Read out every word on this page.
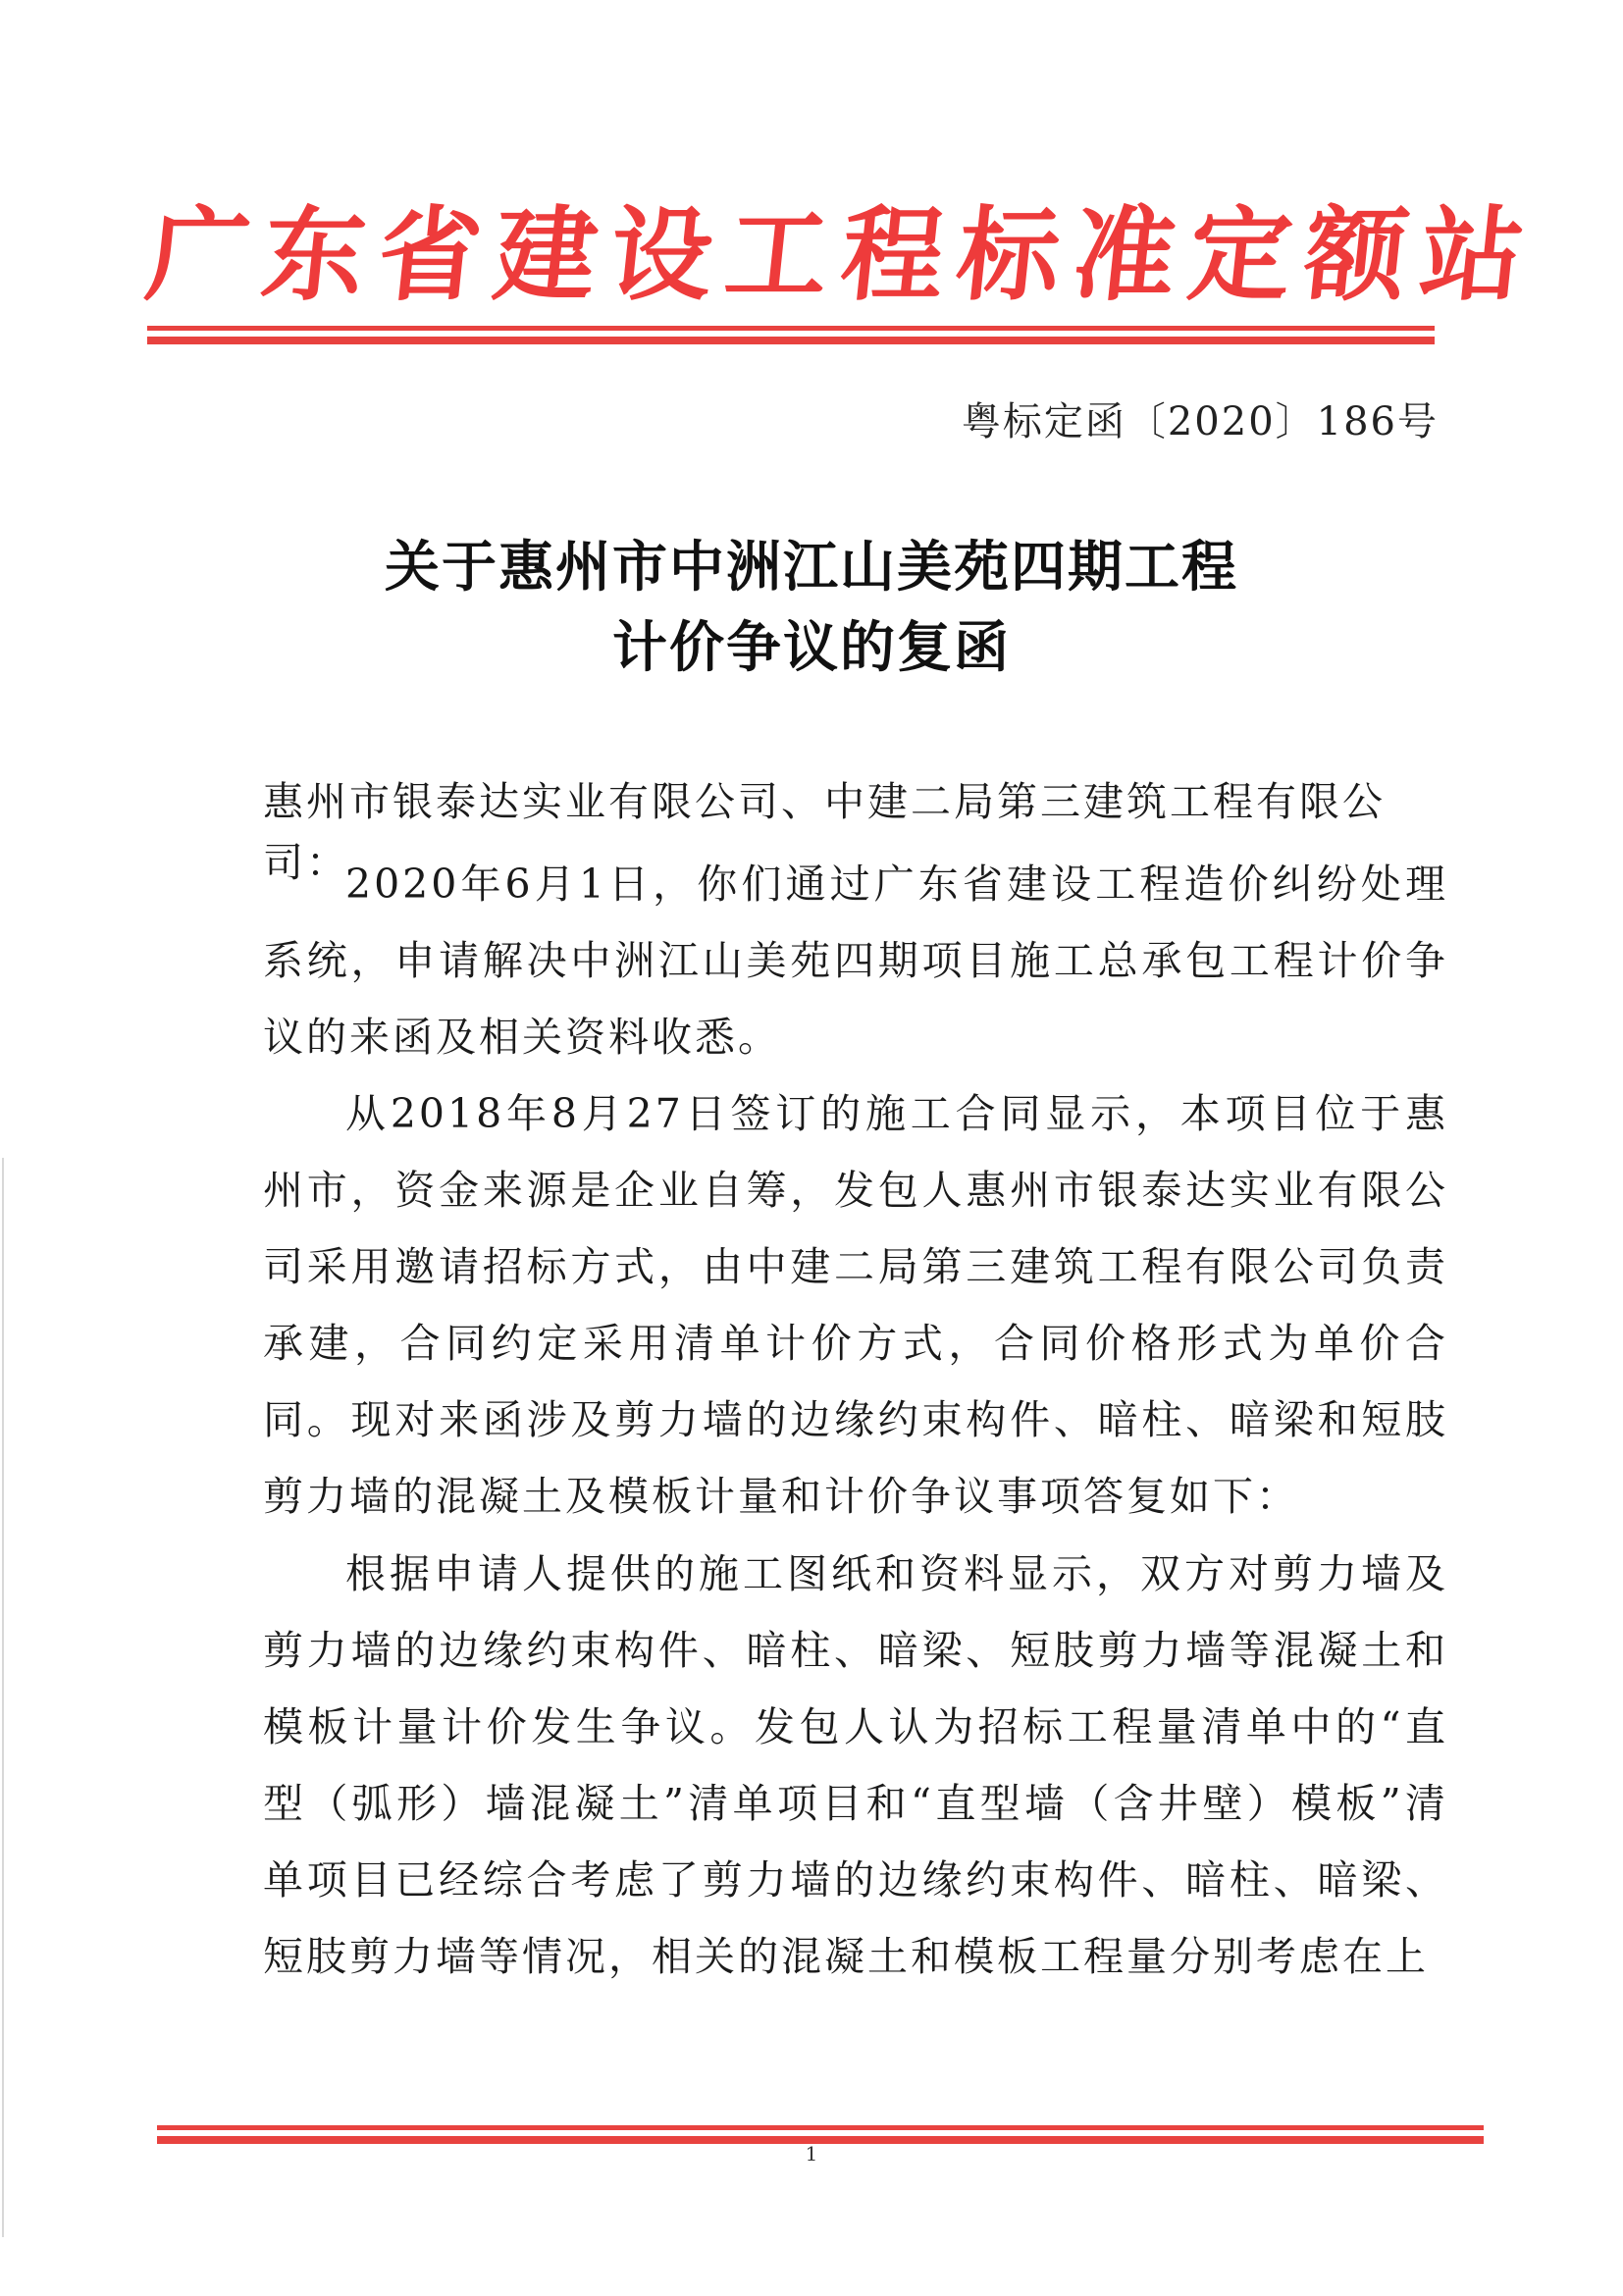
广东省建设工程标准定额站
粤标定函〔2020〕186号
关于惠州市中洲江山美苑四期工程
计价争议的复函
惠州市银泰达实业有限公司、中建二局第三建筑工程有限公司：

2020年6月1日，你们通过广东省建设工程造价纠纷处理系统，申请解决中洲江山美苑四期项目施工总承包工程计价争议的来函及相关资料收悉。

从2018年8月27日签订的施工合同显示，本项目位于惠州市，资金来源是企业自筹，发包人惠州市银泰达实业有限公司采用邀请招标方式，由中建二局第三建筑工程有限公司负责承建，合同约定采用清单计价方式，合同价格形式为单价合同。现对来函涉及剪力墙的边缘约束构件、暗柱、暗梁和短肢剪力墙的混凝土及模板计量和计价争议事项答复如下：

根据申请人提供的施工图纸和资料显示，双方对剪力墙及剪力墙的边缘约束构件、暗柱、暗梁、短肢剪力墙等混凝土和模板计量计价发生争议。发包人认为招标工程量清单中的“直型（弧形）墙混凝土”清单项目和“直型墙（含井壁）模板”清单项目已经综合考虑了剪力墙的边缘约束构件、暗柱、暗梁、短肢剪力墙等情况，相关的混凝土和模板工程量分别考虑在上

1
